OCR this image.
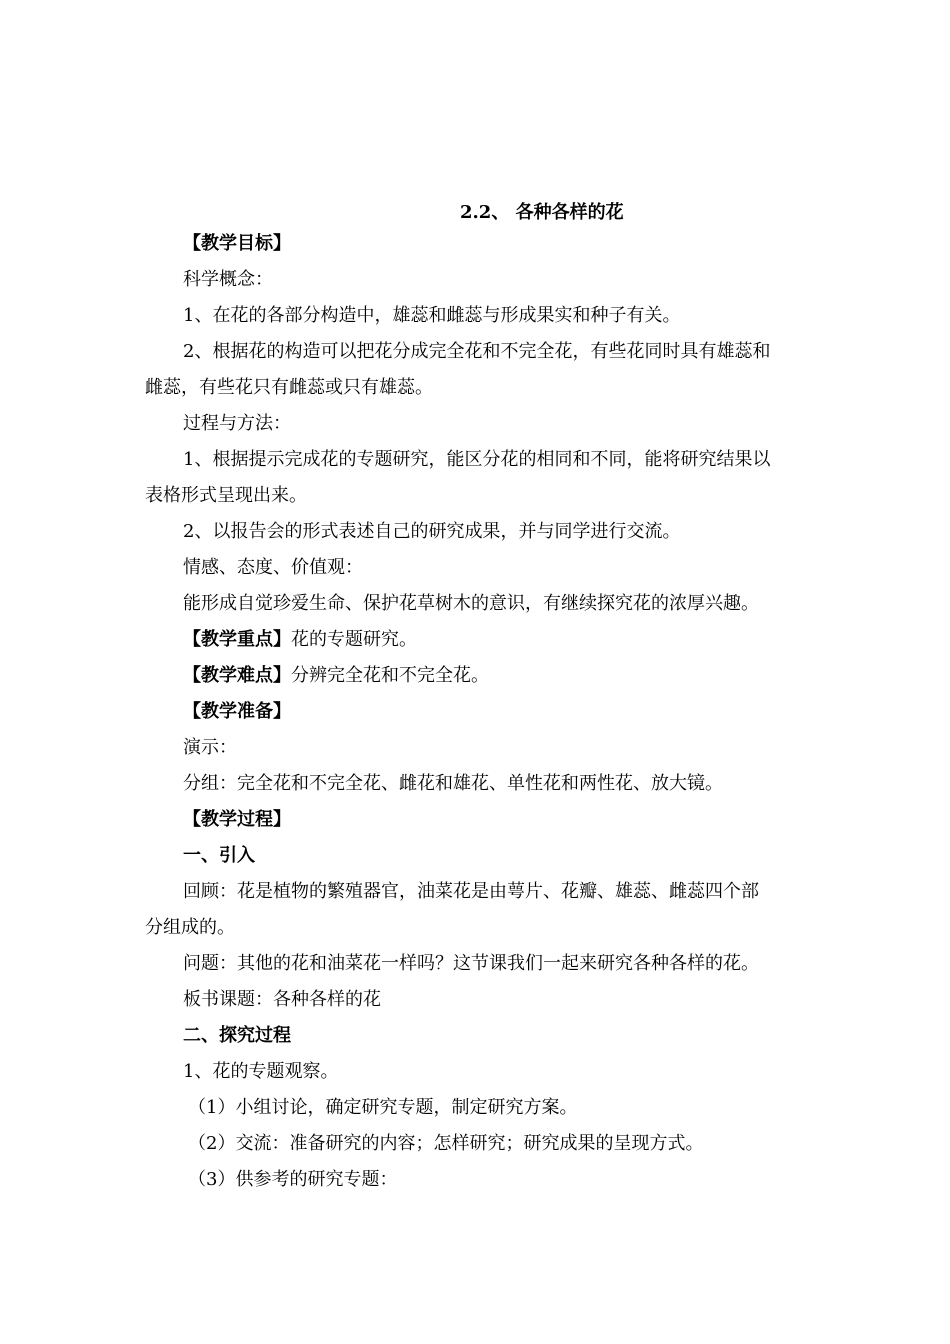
2.2、 各种各样的花
【教学目标】
科学概念：
1、在花的各部分构造中，雄蕊和雌蕊与形成果实和种子有关。
2、根据花的构造可以把花分成完全花和不完全花，有些花同时具有雄蕊和
雌蕊，有些花只有雌蕊或只有雄蕊。
过程与方法：
1、根据提示完成花的专题研究，能区分花的相同和不同，能将研究结果以
表格形式呈现出来。
2、以报告会的形式表述自己的研究成果，并与同学进行交流。
情感、态度、价值观：
能形成自觉珍爱生命、保护花草树木的意识，有继续探究花的浓厚兴趣。
【教学重点】花的专题研究。
【教学难点】分辨完全花和不完全花。
【教学准备】
演示：
分组：完全花和不完全花、雌花和雄花、单性花和两性花、放大镜。
【教学过程】
一、引入
回顾：花是植物的繁殖器官，油菜花是由萼片、花瓣、雄蕊、雌蕊四个部
分组成的。
问题：其他的花和油菜花一样吗？这节课我们一起来研究各种各样的花。
板书课题：各种各样的花
二、探究过程
1、花的专题观察。
（1）小组讨论，确定研究专题，制定研究方案。
（2）交流：准备研究的内容；怎样研究；研究成果的呈现方式。
（3）供参考的研究专题：
